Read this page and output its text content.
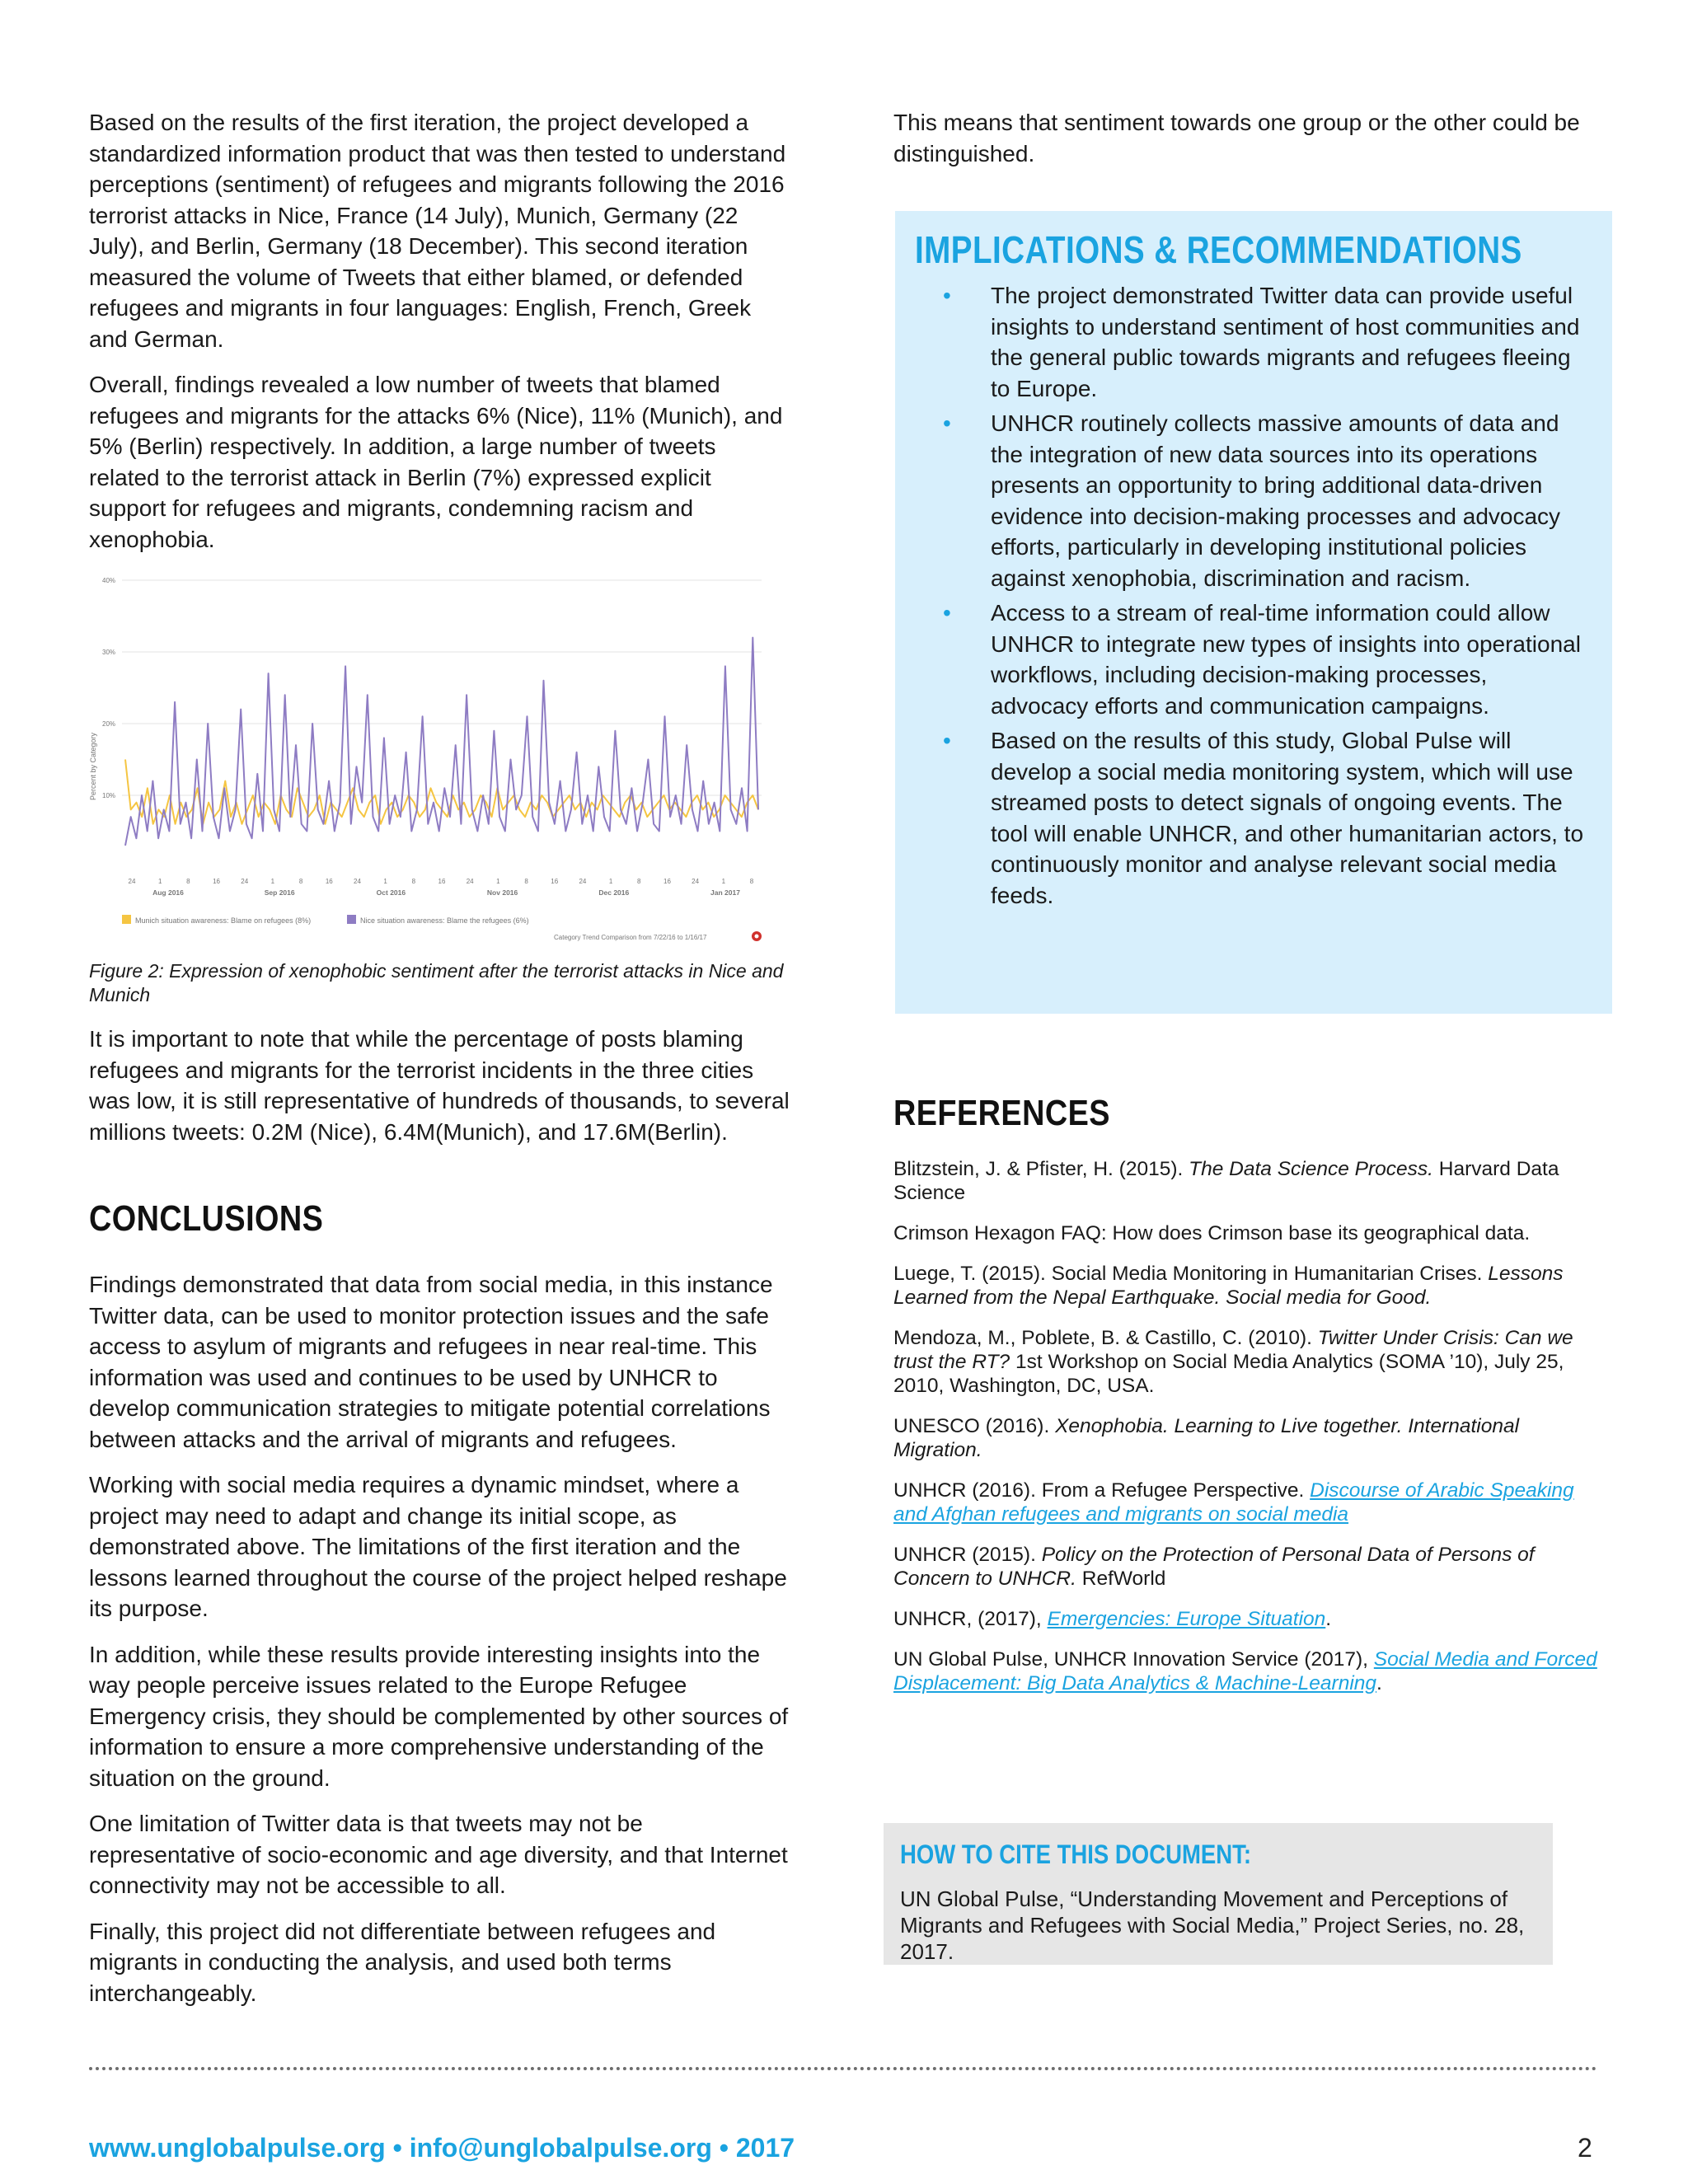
Based on the results of the first iteration, the project developed a standardized information product that was then tested to understand perceptions (sentiment) of refugees and migrants following the 2016 terrorist attacks in Nice, France (14 July), Munich, Germany (22 July), and Berlin, Germany (18 December). This second iteration measured the volume of Tweets that either blamed, or defended refugees and migrants in four languages: English, French, Greek and German.

Overall, findings revealed a low number of tweets that blamed refugees and migrants for the attacks 6% (Nice), 11% (Munich), and 5% (Berlin) respectively. In addition, a large number of tweets related to the terrorist attack in Berlin (7%) expressed explicit support for refugees and migrants, condemning racism and xenophobia.

40%
30%
20%
10%
Percent by Category
24	1	8	16	24	1	8	16	24	1	8	16	24	1	8	16	24	1	8	16	24	1	8
Aug 2016	Sep 2016	Oct 2016	Nov 2016	Dec 2016	Jan 2017
Munich situation awareness: Blame on refugees (8%)	Nice situation awareness: Blame the refugees (6%)
Category Trend Comparison from 7/22/16 to 1/16/17
Figure 2: Expression of xenophobic sentiment after the terrorist attacks in Nice and Munich

It is important to note that while the percentage of posts blaming refugees and migrants for the terrorist incidents in the three cities was low, it is still representative of hundreds of thousands, to several millions tweets: 0.2M (Nice), 6.4M(Munich), and 17.6M(Berlin).

CONCLUSIONS

Findings demonstrated that data from social media, in this instance Twitter data, can be used to monitor protection issues and the safe access to asylum of migrants and refugees in near real-time. This information was used and continues to be used by UNHCR to develop communication strategies to mitigate potential correlations between attacks and the arrival of migrants and refugees.

Working with social media requires a dynamic mindset, where a project may need to adapt and change its initial scope, as demonstrated above. The limitations of the first iteration and the lessons learned throughout the course of the project helped reshape its purpose.

In addition, while these results provide interesting insights into the way people perceive issues related to the Europe Refugee Emergency crisis, they should be complemented by other sources of information to ensure a more comprehensive understanding of the situation on the ground.

One limitation of Twitter data is that tweets may not be representative of socio-economic and age diversity, and that Internet connectivity may not be accessible to all.

Finally, this project did not differentiate between refugees and migrants in conducting the analysis, and used both terms interchangeably.

This means that sentiment towards one group or the other could be distinguished.

IMPLICATIONS & RECOMMENDATIONS
• The project demonstrated Twitter data can provide useful insights to understand sentiment of host communities and the general public towards migrants and refugees fleeing to Europe.
• UNHCR routinely collects massive amounts of data and the integration of new data sources into its operations presents an opportunity to bring additional data-driven evidence into decision-making processes and advocacy efforts, particularly in developing institutional policies against xenophobia, discrimination and racism.
• Access to a stream of real-time information could allow UNHCR to integrate new types of insights into operational workflows, including decision-making processes, advocacy efforts and communication campaigns.
• Based on the results of this study, Global Pulse will develop a social media monitoring system, which will use streamed posts to detect signals of ongoing events. The tool will enable UNHCR, and other humanitarian actors, to continuously monitor and analyse relevant social media feeds.
REFERENCES

Blitzstein, J. & Pfister, H. (2015). The Data Science Process. Harvard Data Science

Crimson Hexagon FAQ: How does Crimson base its geographical data.

Luege, T. (2015). Social Media Monitoring in Humanitarian Crises. Lessons Learned from the Nepal Earthquake. Social media for Good.

Mendoza, M., Poblete, B. & Castillo, C. (2010). Twitter Under Crisis: Can we trust the RT? 1st Workshop on Social Media Analytics (SOMA ’10), July 25, 2010, Washington, DC, USA.

UNESCO (2016). Xenophobia. Learning to Live together. International Migration.

UNHCR (2016). From a Refugee Perspective. Discourse of Arabic Speaking and Afghan refugees and migrants on social media

UNHCR (2015). Policy on the Protection of Personal Data of Persons of Concern to UNHCR. RefWorld

UNHCR, (2017), Emergencies: Europe Situation.

UN Global Pulse, UNHCR Innovation Service (2017), Social Media and Forced Displacement: Big Data Analytics & Machine-Learning.

HOW TO CITE THIS DOCUMENT:
UN Global Pulse, “Understanding Movement and Perceptions of Migrants and Refugees with Social Media,” Project Series, no. 28, 2017.
www.unglobalpulse.org • info@unglobalpulse.org • 2017	2
